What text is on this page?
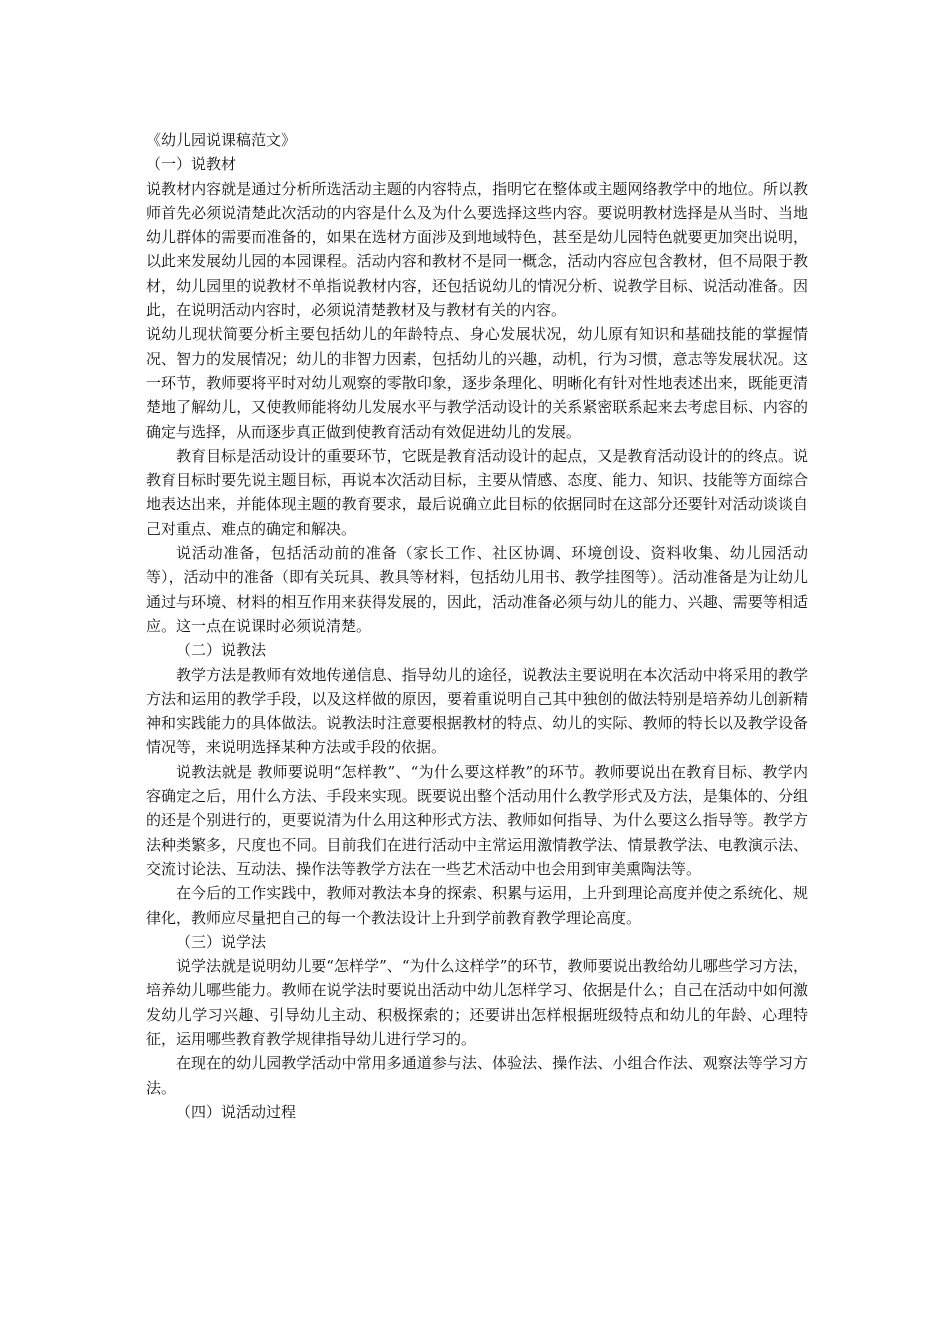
《幼儿园说课稿范文》

（一）说教材

说教材内容就是通过分析所选活动主题的内容特点，指明它在整体或主题网络教学中的地位。所以教师首先必须说清楚此次活动的内容是什么及为什么要选择这些内容。要说明教材选择是从当时、当地幼儿群体的需要而准备的，如果在选材方面涉及到地域特色，甚至是幼儿园特色就要更加突出说明，以此来发展幼儿园的本园课程。活动内容和教材不是同一概念，活动内容应包含教材，但不局限于教材，幼儿园里的说教材不单指说教材内容，还包括说幼儿的情况分析、说教学目标、说活动准备。因此，在说明活动内容时，必须说清楚教材及与教材有关的内容。

说幼儿现状简要分析主要包括幼儿的年龄特点、身心发展状况，幼儿原有知识和基础技能的掌握情况、智力的发展情况；幼儿的非智力因素，包括幼儿的兴趣，动机，行为习惯，意志等发展状况。这一环节，教师要将平时对幼儿观察的零散印象，逐步条理化、明晰化有针对性地表述出来，既能更清楚地了解幼儿，又使教师能将幼儿发展水平与教学活动设计的关系紧密联系起来去考虑目标、内容的确定与选择，从而逐步真正做到使教育活动有效促进幼儿的发展。

教育目标是活动设计的重要环节，它既是教育活动设计的起点，又是教育活动设计的的终点。说教育目标时要先说主题目标，再说本次活动目标，主要从情感、态度、能力、知识、技能等方面综合地表达出来，并能体现主题的教育要求，最后说确立此目标的依据同时在这部分还要针对活动谈谈自己对重点、难点的确定和解决。

说活动准备，包括活动前的准备（家长工作、社区协调、环境创设、资料收集、幼儿园活动等），活动中的准备（即有关玩具、教具等材料，包括幼儿用书、教学挂图等）。活动准备是为让幼儿通过与环境、材料的相互作用来获得发展的，因此，活动准备必须与幼儿的能力、兴趣、需要等相适应。这一点在说课时必须说清楚。

（二）说教法

教学方法是教师有效地传递信息、指导幼儿的途径，说教法主要说明在本次活动中将采用的教学方法和运用的教学手段，以及这样做的原因，要着重说明自己其中独创的做法特别是培养幼儿创新精神和实践能力的具体做法。说教法时注意要根据教材的特点、幼儿的实际、教师的特长以及教学设备情况等，来说明选择某种方法或手段的依据。

说教法就是 教师要说明“怎样教”、“为什么要这样教”的环节。教师要说出在教育目标、教学内容确定之后，用什么方法、手段来实现。既要说出整个活动用什么教学形式及方法，是集体的、分组的还是个别进行的，更要说清为什么用这种形式方法、教师如何指导、为什么要这么指导等。教学方法种类繁多，尺度也不同。目前我们在进行活动中主常运用激情教学法、情景教学法、电教演示法、交流讨论法、互动法、操作法等教学方法在一些艺术活动中也会用到审美熏陶法等。

在今后的工作实践中，教师对教法本身的探索、积累与运用，上升到理论高度并使之系统化、规律化，教师应尽量把自己的每一个教法设计上升到学前教育教学理论高度。

（三）说学法

说学法就是说明幼儿要“怎样学”、“为什么这样学”的环节，教师要说出教给幼儿哪些学习方法，培养幼儿哪些能力。教师在说学法时要说出活动中幼儿怎样学习、依据是什么；自己在活动中如何激发幼儿学习兴趣、引导幼儿主动、积极探索的；还要讲出怎样根据班级特点和幼儿的年龄、心理特征，运用哪些教育教学规律指导幼儿进行学习的。

在现在的幼儿园教学活动中常用多通道参与法、体验法、操作法、小组合作法、观察法等学习方法。

（四）说活动过程
